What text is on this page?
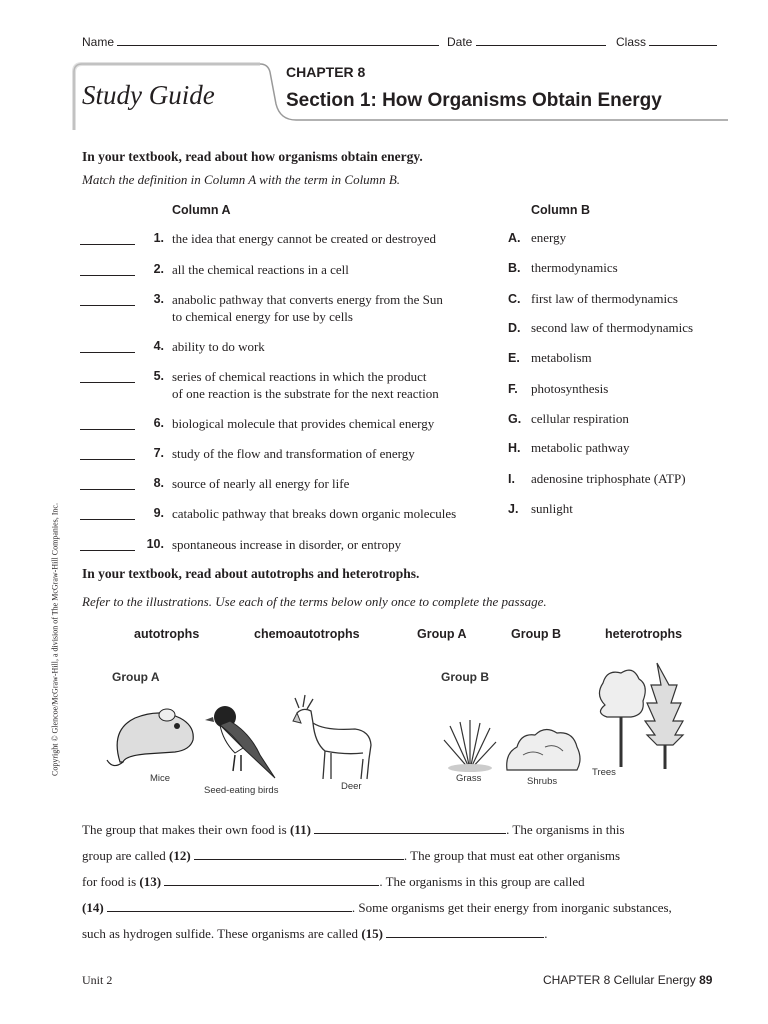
Name	Date	Class
Study Guide
CHAPTER 8
Section 1: How Organisms Obtain Energy
In your textbook, read about how organisms obtain energy.
Match the definition in Column A with the term in Column B.
Column A	Column B
1. the idea that energy cannot be created or destroyed
2. all the chemical reactions in a cell
3. anabolic pathway that converts energy from the Sun
to chemical energy for use by cells
4. ability to do work
5. series of chemical reactions in which the product
of one reaction is the substrate for the next reaction
6. biological molecule that provides chemical energy
7. study of the flow and transformation of energy
8. source of nearly all energy for life
9. catabolic pathway that breaks down organic molecules
10. spontaneous increase in disorder, or entropy
A. energy
B. thermodynamics
C. first law of thermodynamics
D. second law of thermodynamics
E. metabolism
F. photosynthesis
G. cellular respiration
H. metabolic pathway
I. adenosine triphosphate (ATP)
J. sunlight
In your textbook, read about autotrophs and heterotrophs.
Refer to the illustrations. Use each of the terms below only once to complete the passage.
autotrophs	chemoautotrophs	Group A	Group B	heterotrophs
Group A	Group B
Mice
Seed-eating birds	Deer
Grass	Shrubs
Trees
The group that makes their own food is (11)	. The organisms in this
group are called (12)	. The group that must eat other organisms
for food is (13)	. The organisms in this group are called
(14)	. Some organisms get their energy from inorganic substances,
such as hydrogen sulfide. These organisms are called (15)	.
Copyright © Glencoe/McGraw-Hill, a division of The McGraw-Hill Companies, Inc.
Unit 2	CHAPTER 8 Cellular Energy 89
